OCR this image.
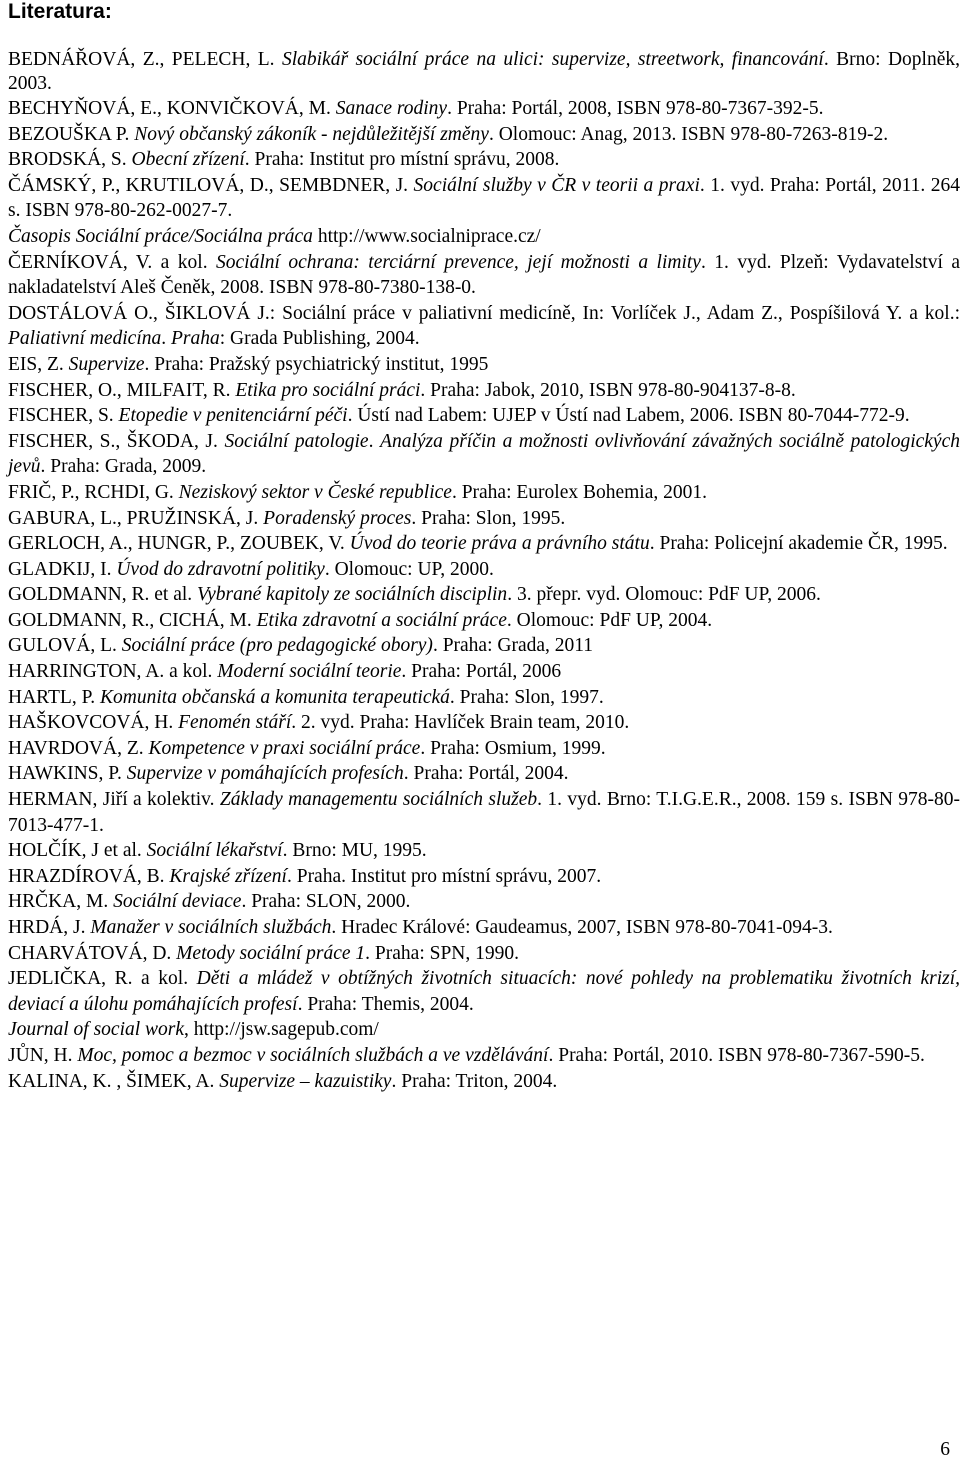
Literatura:

BEDNÁŘOVÁ, Z., PELECH, L. Slabikář sociální práce na ulici: supervize, streetwork, financování. Brno: Doplněk, 2003.

BECHYŇOVÁ, E., KONVIČKOVÁ, M. Sanace rodiny. Praha: Portál, 2008, ISBN 978-80-7367-392-5.

BEZOUŠKA P. Nový občanský zákoník - nejdůležitější změny. Olomouc: Anag, 2013. ISBN 978-80-7263-819-2.

BRODSKÁ, S. Obecní zřízení. Praha: Institut pro místní správu, 2008.

ČÁMSKÝ, P., KRUTILOVÁ, D., SEMBDNER, J. Sociální služby v ČR v teorii a praxi. 1. vyd. Praha: Portál, 2011. 264 s. ISBN 978-80-262-0027-7.

Časopis Sociální práce/Sociálna práca http://www.socialniprace.cz/

ČERNÍKOVÁ, V. a kol. Sociální ochrana: terciární prevence, její možnosti a limity. 1. vyd. Plzeň: Vydavatelství a nakladatelství Aleš Čeněk, 2008. ISBN 978-80-7380-138-0.

DOSTÁLOVÁ O., ŠIKLOVÁ J.: Sociální práce v paliativní medicíně, In: Vorlíček J., Adam Z., Pospíšilová Y. a kol.: Paliativní medicína. Praha: Grada Publishing, 2004.

EIS, Z. Supervize. Praha: Pražský psychiatrický institut, 1995

FISCHER, O., MILFAIT, R. Etika pro sociální práci. Praha: Jabok, 2010, ISBN 978-80-904137-8-8.

FISCHER, S. Etopedie v penitenciární péči. Ústí nad Labem: UJEP v Ústí nad Labem, 2006. ISBN 80-7044-772-9.

FISCHER, S., ŠKODA, J. Sociální patologie. Analýza příčin a možnosti ovlivňování závažných sociálně patologických jevů. Praha: Grada, 2009.

FRIČ, P., RCHDI, G. Neziskový sektor v České republice. Praha: Eurolex Bohemia, 2001.

GABURA, L., PRUŽINSKÁ, J. Poradenský proces. Praha: Slon, 1995.

GERLOCH, A., HUNGR, P., ZOUBEK, V. Úvod do teorie práva a právního státu. Praha: Policejní akademie ČR, 1995.

GLADKIJ, I. Úvod do zdravotní politiky. Olomouc: UP, 2000.

GOLDMANN, R. et al. Vybrané kapitoly ze sociálních disciplin. 3. přepr. vyd. Olomouc: PdF UP, 2006.

GOLDMANN, R., CICHÁ, M. Etika zdravotní a sociální práce. Olomouc: PdF UP, 2004.

GULOVÁ, L. Sociální práce (pro pedagogické obory). Praha: Grada, 2011

HARRINGTON, A. a kol. Moderní sociální teorie. Praha: Portál, 2006

HARTL, P. Komunita občanská a komunita terapeutická. Praha: Slon, 1997.

HAŠKOVCOVÁ, H. Fenomén stáří. 2. vyd. Praha: Havlíček Brain team, 2010.

HAVRDOVÁ, Z. Kompetence v praxi sociální práce. Praha: Osmium, 1999.

HAWKINS, P. Supervize v pomáhajících profesích. Praha: Portál, 2004.

HERMAN, Jiří a kolektiv. Základy managementu sociálních služeb. 1. vyd. Brno: T.I.G.E.R., 2008. 159 s. ISBN 978-80-7013-477-1.

HOLČÍK, J et al. Sociální lékařství. Brno: MU, 1995.

HRAZDÍROVÁ, B. Krajské zřízení. Praha. Institut pro místní správu, 2007.

HRČKA, M. Sociální deviace. Praha: SLON, 2000.

HRDÁ, J. Manažer v sociálních službách. Hradec Králové: Gaudeamus, 2007, ISBN 978-80-7041-094-3.

CHARVÁTOVÁ, D. Metody sociální práce 1. Praha: SPN, 1990.

JEDLIČKA, R. a kol. Děti a mládež v obtížných životních situacích: nové pohledy na problematiku životních krizí, deviací a úlohu pomáhajících profesí. Praha: Themis, 2004.

Journal of social work, http://jsw.sagepub.com/

JŮN, H. Moc, pomoc a bezmoc v sociálních službách a ve vzdělávání. Praha: Portál, 2010. ISBN 978-80-7367-590-5.

KALINA, K. , ŠIMEK, A. Supervize – kazuistiky. Praha: Triton, 2004.

6
